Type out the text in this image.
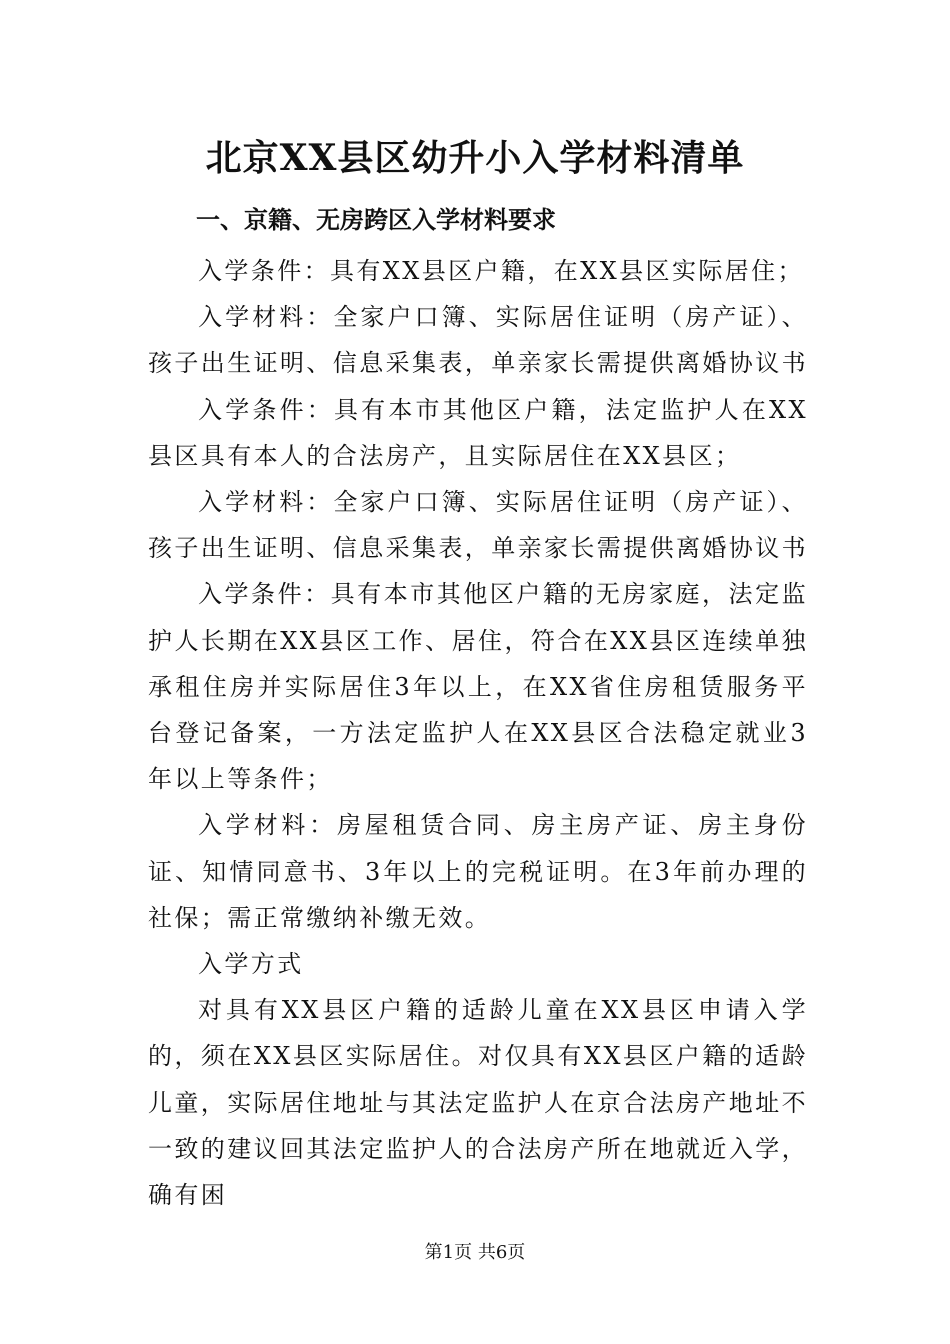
北京XX县区幼升小入学材料清单
一、京籍、无房跨区入学材料要求

入学条件：具有XX县区户籍，在XX县区实际居住；

入学材料：全家户口簿、实际居住证明（房产证）、孩子出生证明、信息采集表，单亲家长需提供离婚协议书

入学条件：具有本市其他区户籍，法定监护人在XX县区具有本人的合法房产，且实际居住在XX县区；

入学材料：全家户口簿、实际居住证明（房产证）、孩子出生证明、信息采集表，单亲家长需提供离婚协议书

入学条件：具有本市其他区户籍的无房家庭，法定监护人长期在XX县区工作、居住，符合在XX县区连续单独承租住房并实际居住3年以上，在XX省住房租赁服务平台登记备案，一方法定监护人在XX县区合法稳定就业3年以上等条件；

入学材料：房屋租赁合同、房主房产证、房主身份证、知情同意书、3年以上的完税证明。在3年前办理的社保；需正常缴纳补缴无效。

入学方式

对具有XX县区户籍的适龄儿童在XX县区申请入学的，须在XX县区实际居住。对仅具有XX县区户籍的适龄儿童，实际居住地址与其法定监护人在京合法房产地址不一致的建议回其法定监护人的合法房产所在地就近入学，确有困

第1页 共6页
